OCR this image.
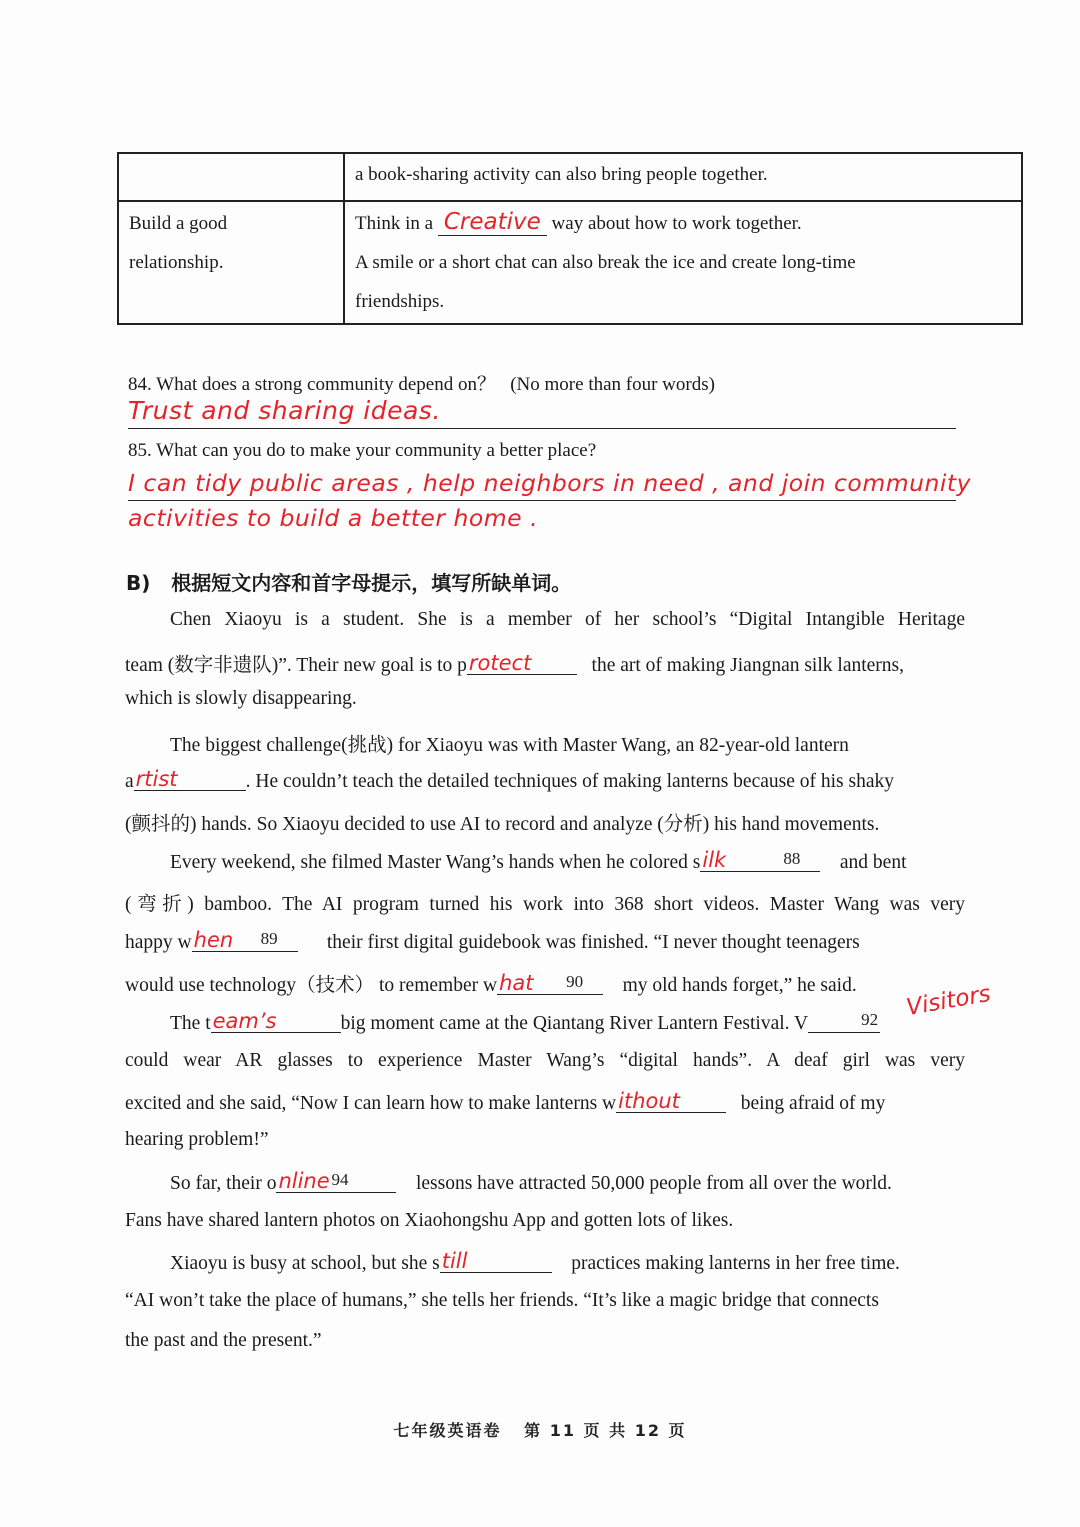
	a book-sharing activity can also bring people together.

Build a good
relationship.	Think in a Creative way about how to work together.
A smile or a short chat can also break the ice and create long-time
friendships.
84. What does a strong community depend on？   (No more than four words)
Trust and sharing ideas.
85. What can you do to make your community a better place?
I can tidy public areas , help neighbors in need , and join community
activities to build a better home .
B)   根据短文内容和首字母提示，填写所缺单词。
Chen Xiaoyu is a student. She is a member of her school’s “Digital Intangible Heritage
team (数字非遗队)”. Their new goal is to p rotect	the art of making Jiangnan silk lanterns,
which is slowly disappearing.
The biggest challenge(挑战) for Xiaoyu was with Master Wang, an 82-year-old lantern
a rtist	. He couldn’t teach the detailed techniques of making lanterns because of his shaky
(颤抖的) hands. So Xiaoyu decided to use AI to record and analyze (分析) his hand movements.
Every weekend, she filmed Master Wang’s hands when he colored s ilk	88 and bent
(弯折) bamboo. The AI program turned his work into 368 short videos. Master Wang was very
happy w hen 89	their first digital guidebook was finished. “I never thought teenagers
would use technology（技术） to remember w hat 90 my old hands forget,” he said.
The t eam’s	big moment came at the Qiantang River Lantern Festival. V	92
could wear AR glasses to experience Master Wang’s “digital hands”. A deaf girl was very
excited and she said, “Now I can learn how to make lanterns w ithout	being afraid of my
hearing problem!”
So far, their o nline 94	lessons have attracted 50,000 people from all over the world.
Fans have shared lantern photos on Xiaohongshu App and gotten lots of likes.
Xiaoyu is busy at school, but she s till	practices making lanterns in her free time.
“AI won’t take the place of humans,” she tells her friends. “It’s like a magic bridge that connects
the past and the present.”
Visitors
七年级英语卷   第 11 页 共 12 页
